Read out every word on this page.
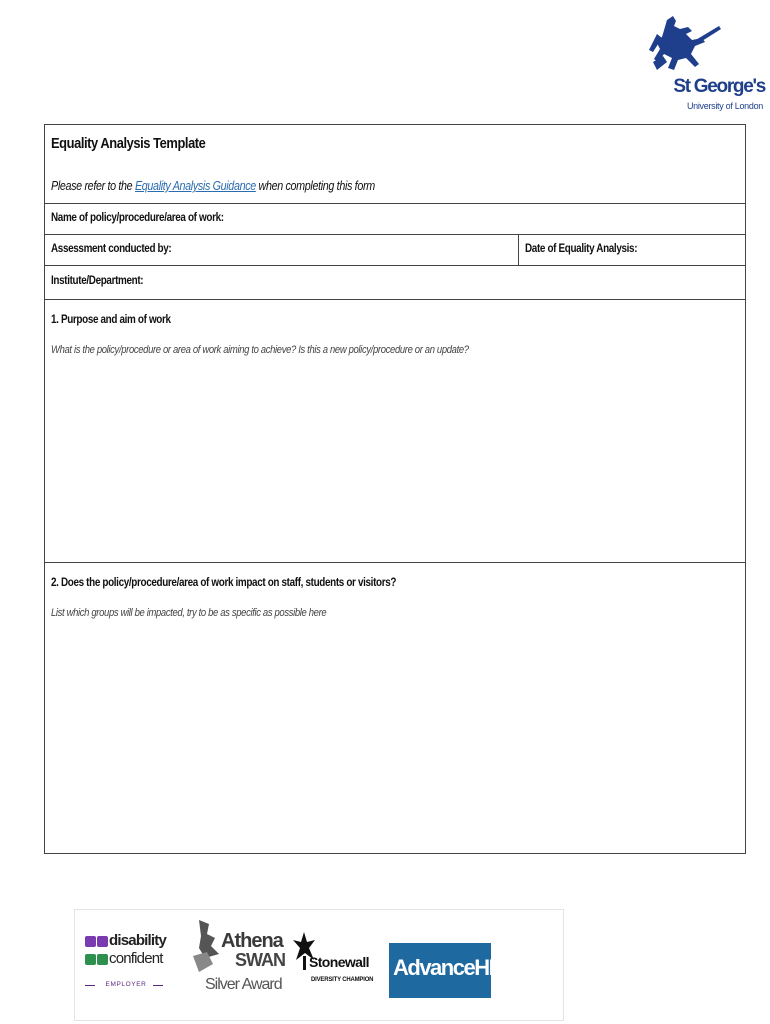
St George's
University of London
Equality Analysis Template
Please refer to the Equality Analysis Guidance when completing this form
Name of policy/procedure/area of work:
Assessment conducted by:	Date of Equality Analysis:
Institute/Department:
1. Purpose and aim of work
What is the policy/procedure or area of work aiming to achieve? Is this a new policy/procedure or an update?
2. Does the policy/procedure/area of work impact on staff, students or visitors?
List which groups will be impacted, try to be as specific as possible here
disability
confident
EMPLOYER
Athena
SWAN
Silver Award
Stonewall
DIVERSITY CHAMPION AdvanceHE
